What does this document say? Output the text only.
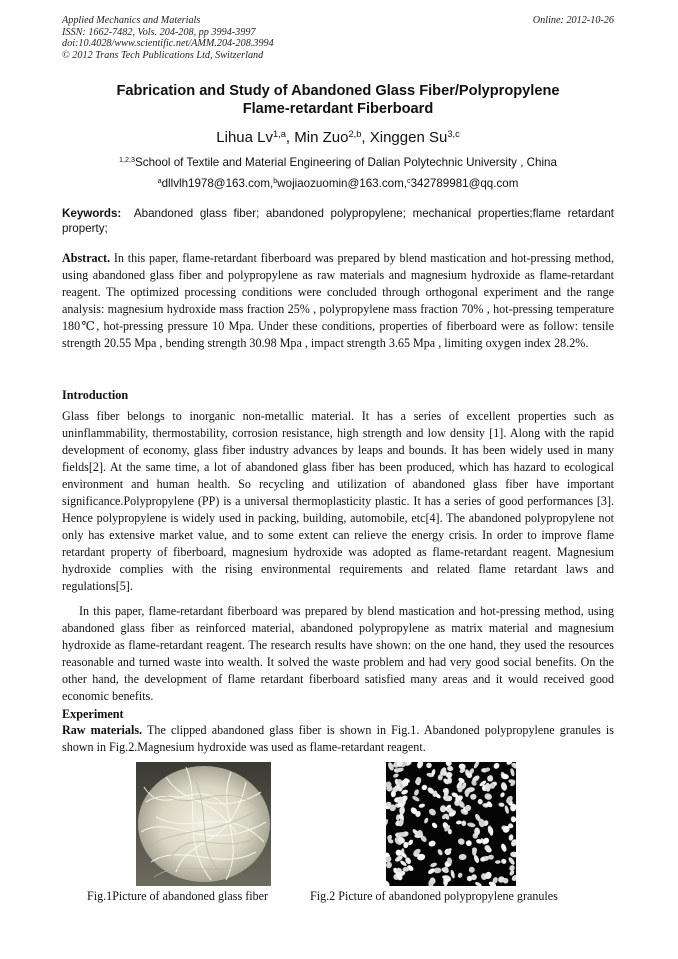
Applied Mechanics and Materials
ISSN: 1662-7482, Vols. 204-208, pp 3994-3997
doi:10.4028/www.scientific.net/AMM.204-208.3994
© 2012 Trans Tech Publications Ltd, Switzerland
Online: 2012-10-26
Fabrication and Study of Abandoned Glass Fiber/Polypropylene
Flame-retardant Fiberboard
Lihua Lv$^{1,a}$, Min Zuo$^{2,b}$, Xinggen Su$^{3,c}$
$^{1,2,3}$School of Textile and Material Engineering of Dalian Polytechnic University , China
$^a$dllvlh1978@163.com,$^b$wojiaozuomin@163.com,$^c$342789981@qq.com
Keywords: Abandoned glass fiber; abandoned polypropylene; mechanical properties;flame retardant property;
Abstract. In this paper, flame-retardant fiberboard was prepared by blend mastication and hot-pressing method, using abandoned glass fiber and polypropylene as raw materials and magnesium hydroxide as flame-retardant reagent. The optimized processing conditions were concluded through orthogonal experiment and the range analysis: magnesium hydroxide mass fraction 25% , polypropylene mass fraction 70% , hot-pressing temperature 180℃, hot-pressing pressure 10 Mpa. Under these conditions, properties of fiberboard were as follow: tensile strength 20.55 Mpa , bending strength 30.98 Mpa , impact strength 3.65 Mpa , limiting oxygen index 28.2%.
Introduction
Glass fiber belongs to inorganic non-metallic material. It has a series of excellent properties such as uninflammability, thermostability, corrosion resistance, high strength and low density [1]. Along with the rapid development of economy, glass fiber industry advances by leaps and bounds. It has been widely used in many fields[2]. At the same time, a lot of abandoned glass fiber has been produced, which has hazard to ecological environment and human health. So recycling and utilization of abandoned glass fiber have important significance.Polypropylene (PP) is a universal thermoplasticity plastic. It has a series of good performances [3]. Hence polypropylene is widely used in packing, building, automobile, etc[4]. The abandoned polypropylene not only has extensive market value, and to some extent can relieve the energy crisis. In order to improve flame retardant property of fiberboard, magnesium hydroxide was adopted as flame-retardant reagent. Magnesium hydroxide complies with the rising environmental requirements and related flame retardant laws and regulations[5].
In this paper, flame-retardant fiberboard was prepared by blend mastication and hot-pressing method, using abandoned glass fiber as reinforced material, abandoned polypropylene as matrix material and magnesium hydroxide as flame-retardant reagent. The research results have shown: on the one hand, they used the resources reasonable and turned waste into wealth. It solved the waste problem and had very good social benefits. On the other hand, the development of flame retardant fiberboard satisfied many areas and it would received good economic benefits.
Experiment
Raw materials. The clipped abandoned glass fiber is shown in Fig.1. Abandoned polypropylene granules is shown in Fig.2.Magnesium hydroxide was used as flame-retardant reagent.
Fig.1Picture of abandoned glass fiber	Fig.2 Picture of abandoned polypropylene granules
